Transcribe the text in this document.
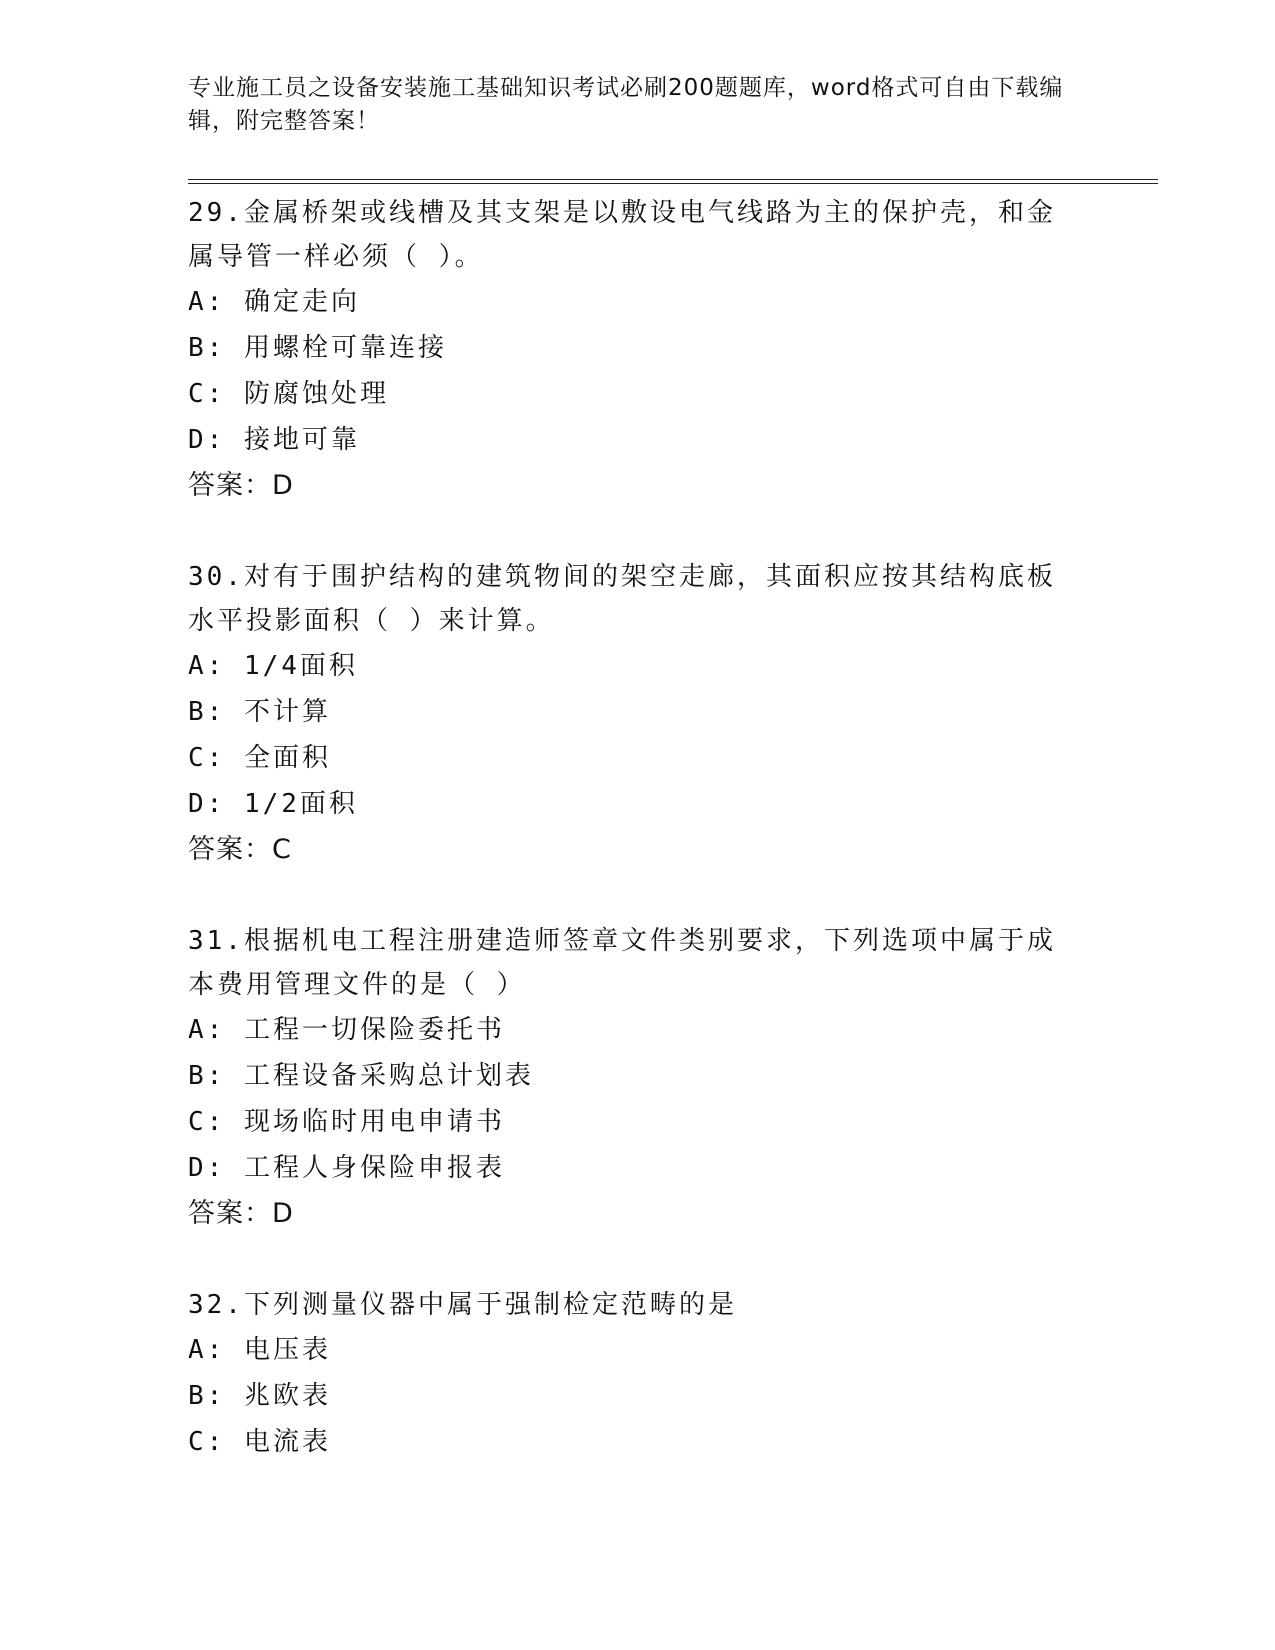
专业施工员之设备安装施工基础知识考试必刷200题题库，word格式可自由下载编辑，附完整答案！

29.金属桥架或线槽及其支架是以敷设电气线路为主的保护壳，和金属导管一样必须（ ）。

A: 确定走向

B: 用螺栓可靠连接

C: 防腐蚀处理

D: 接地可靠

答案：D

30.对有于围护结构的建筑物间的架空走廊，其面积应按其结构底板水平投影面积（ ）来计算。

A: 1/4面积

B: 不计算

C: 全面积

D: 1/2面积

答案：C

31.根据机电工程注册建造师签章文件类别要求，下列选项中属于成本费用管理文件的是（ ）

A: 工程一切保险委托书

B: 工程设备采购总计划表

C: 现场临时用电申请书

D: 工程人身保险申报表

答案：D

32.下列测量仪器中属于强制检定范畴的是

A: 电压表

B: 兆欧表

C: 电流表
